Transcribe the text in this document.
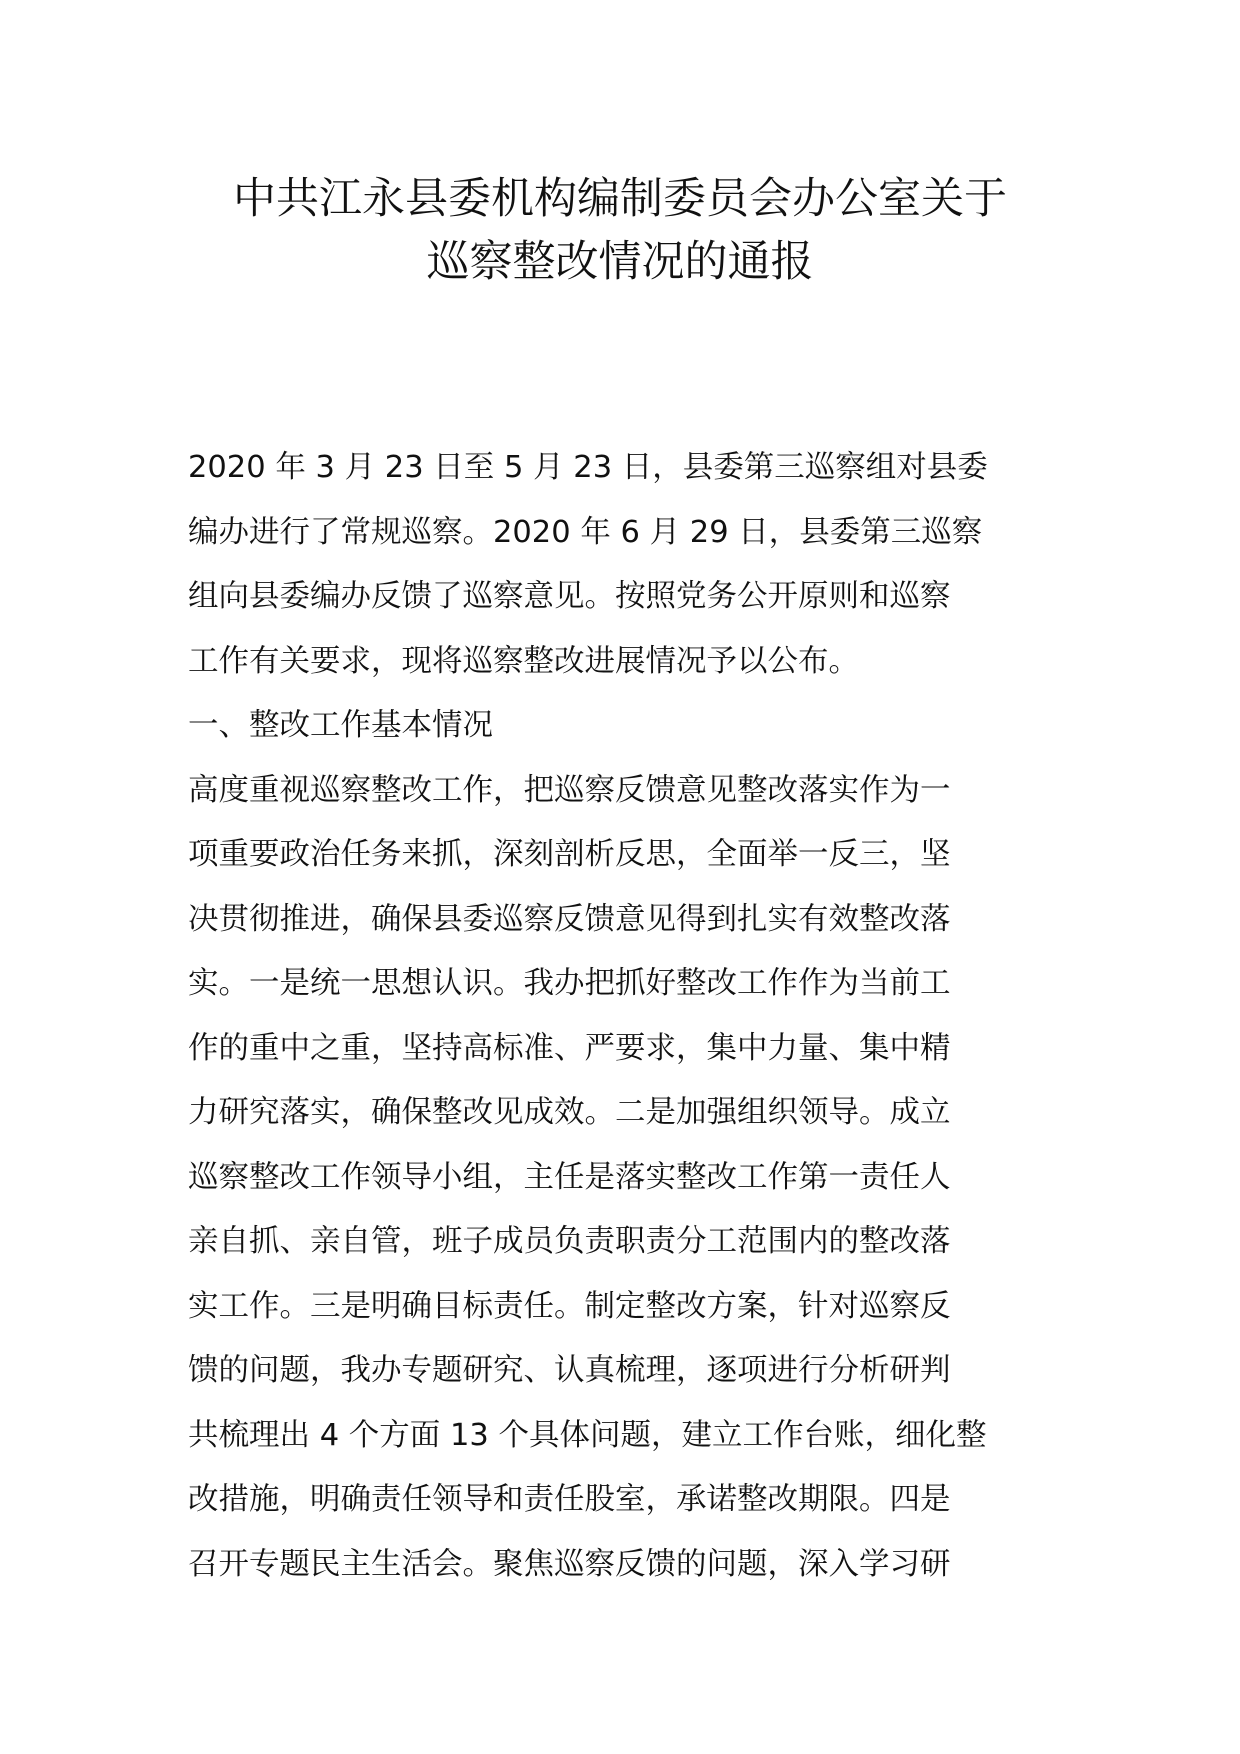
中共江永县委机构编制委员会办公室关于
巡察整改情况的通报
2020 年 3 月 23 日至 5 月 23 日，县委第三巡察组对县委
编办进行了常规巡察。2020 年 6 月 29 日，县委第三巡察
组向县委编办反馈了巡察意见。按照党务公开原则和巡察
工作有关要求，现将巡察整改进展情况予以公布。
一、整改工作基本情况
高度重视巡察整改工作，把巡察反馈意见整改落实作为一
项重要政治任务来抓，深刻剖析反思，全面举一反三，坚
决贯彻推进，确保县委巡察反馈意见得到扎实有效整改落
实。一是统一思想认识。我办把抓好整改工作作为当前工
作的重中之重，坚持高标准、严要求，集中力量、集中精
力研究落实，确保整改见成效。二是加强组织领导。成立
巡察整改工作领导小组，主任是落实整改工作第一责任人
亲自抓、亲自管，班子成员负责职责分工范围内的整改落
实工作。三是明确目标责任。制定整改方案，针对巡察反
馈的问题，我办专题研究、认真梳理，逐项进行分析研判
共梳理出 4 个方面 13 个具体问题，建立工作台账，细化整
改措施，明确责任领导和责任股室，承诺整改期限。四是
召开专题民主生活会。聚焦巡察反馈的问题，深入学习研
